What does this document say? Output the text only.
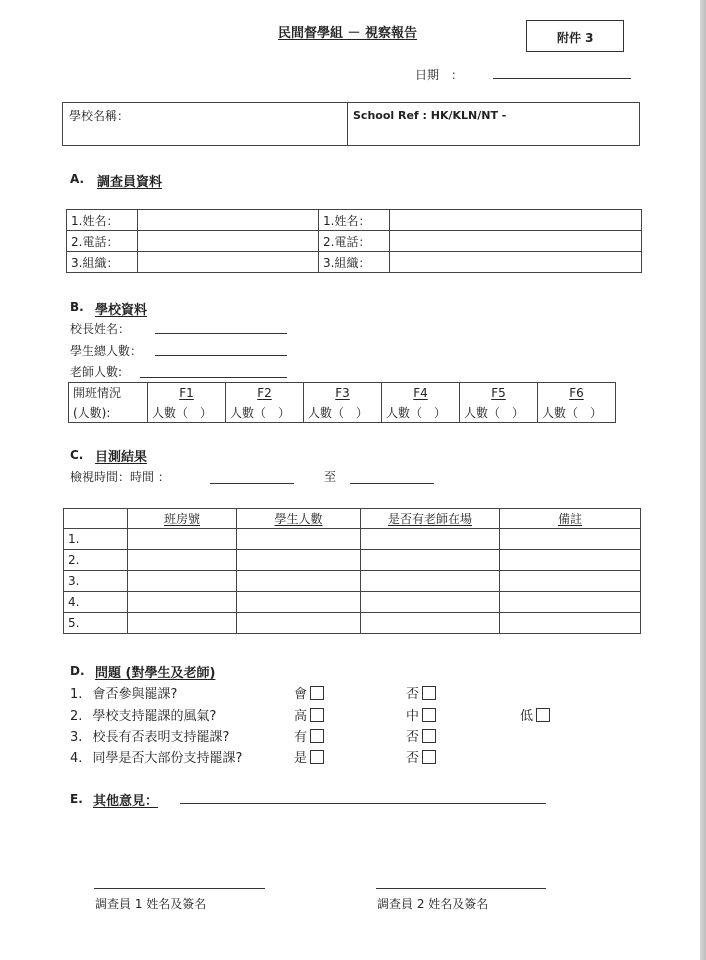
民間督學組 － 視察報告	附件 3
日期　：
學校名稱：	School Ref : HK/KLN/NT -
A. 調查員資料
1.姓名：		1.姓名：	
2.電話：		2.電話：	
3.組織：		3.組織：	
B. 學校資料
校長姓名：
學生總人數：
老師人數:
開班情況	F1	F2	F3	F4	F5	F6
(人數):	人數（　）	人數（　）	人數（　）	人數（　）	人數（　）	人數（　）
C. 目測結果
檢視時間：時間 ：	至
	班房號	學生人數	是否有老師在場	備註
1.				
2.				
3.				
4.				
5.				
D. 問題 (對學生及老師)
1. 會否參與罷課?	會	否
2. 學校支持罷課的風氣?	高	中	低
3. 校長有否表明支持罷課?	有	否
4. 同學是否大部份支持罷課?	是	否
E. 其他意見：
調查員 1 姓名及簽名	調查員 2 姓名及簽名
